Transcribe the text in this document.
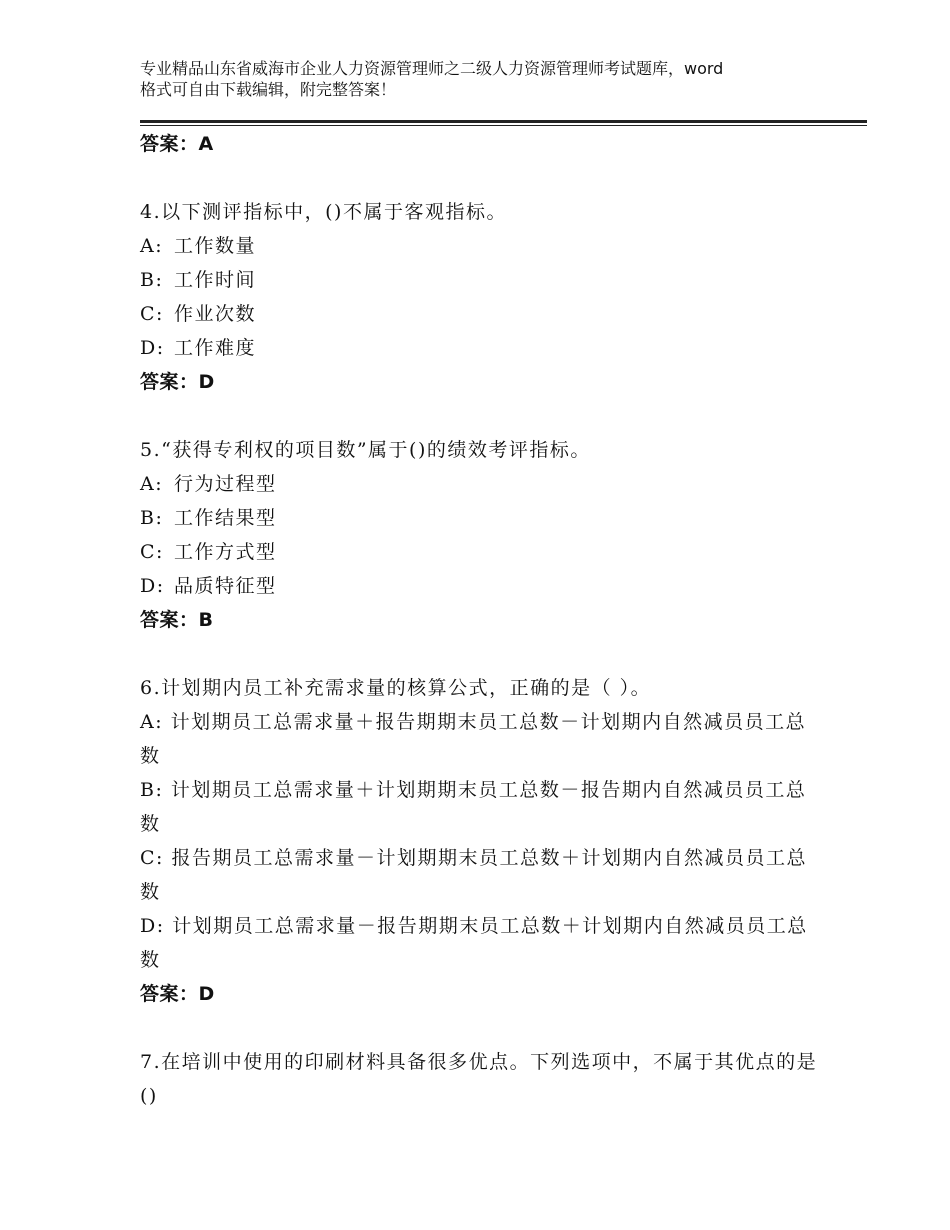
专业精品山东省威海市企业人力资源管理师之二级人力资源管理师考试题库，word
格式可自由下载编辑，附完整答案！
答案：A
4.以下测评指标中，()不属于客观指标。
A: 工作数量
B: 工作时间
C: 作业次数
D: 工作难度
答案：D
5.“获得专利权的项目数”属于()的绩效考评指标。
A: 行为过程型
B: 工作结果型
C: 工作方式型
D: 品质特征型
答案：B
6.计划期内员工补充需求量的核算公式，正确的是（ ）。
A: 计划期员工总需求量＋报告期期末员工总数－计划期内自然减员员工总数
B: 计划期员工总需求量＋计划期期末员工总数－报告期内自然减员员工总数
C: 报告期员工总需求量－计划期期末员工总数＋计划期内自然减员员工总数
D: 计划期员工总需求量－报告期期末员工总数＋计划期内自然减员员工总数
答案：D
7.在培训中使用的印刷材料具备很多优点。下列选项中，不属于其优点的是()
